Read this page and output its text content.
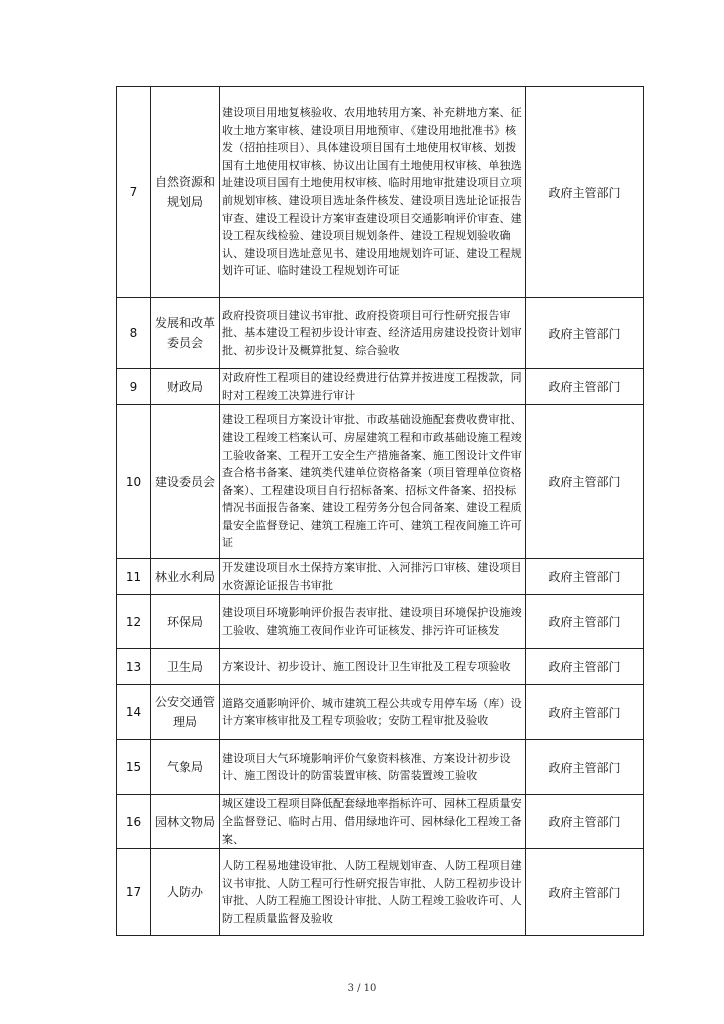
7	自然资源和规划局	建设项目用地复核验收、农用地转用方案、补充耕地方案、征收土地方案审核、建设项目用地预审、《建设用地批准书》核发（招拍挂项目）、具体建设项目国有土地使用权审核、划拨国有土地使用权审核、协议出让国有土地使用权审核、单独选址建设项目国有土地使用权审核、临时用地审批建设项目立项前规划审核、建设项目选址条件核发、建设项目选址论证报告审查、建设工程设计方案审查建设项目交通影响评价审查、建设工程灰线检验、建设项目规划条件、建设工程规划验收确认、建设项目选址意见书、建设用地规划许可证、建设工程规划许可证、临时建设工程规划许可证	政府主管部门
8	发展和改革委员会	政府投资项目建议书审批、政府投资项目可行性研究报告审批、基本建设工程初步设计审查、经济适用房建设投资计划审批、初步设计及概算批复、综合验收	政府主管部门
9	财政局	对政府性工程项目的建设经费进行估算并按进度工程拨款，同时对工程竣工决算进行审计	政府主管部门
10	建设委员会	建设工程项目方案设计审批、市政基础设施配套费收费审批、建设工程竣工档案认可、房屋建筑工程和市政基础设施工程竣工验收备案、工程开工安全生产措施备案、施工图设计文件审查合格书备案、建筑类代建单位资格备案（项目管理单位资格备案）、工程建设项目自行招标备案、招标文件备案、招投标情况书面报告备案、建设工程劳务分包合同备案、建设工程质量安全监督登记、建筑工程施工许可、建筑工程夜间施工许可证	政府主管部门
11	林业水利局	开发建设项目水土保持方案审批、入河排污口审核、建设项目水资源论证报告书审批	政府主管部门
12	环保局	建设项目环境影响评价报告表审批、建设项目环境保护设施竣工验收、建筑施工夜间作业许可证核发、排污许可证核发	政府主管部门
13	卫生局	方案设计、初步设计、施工图设计卫生审批及工程专项验收	政府主管部门
14	公安交通管理局	道路交通影响评价、城市建筑工程公共或专用停车场（库）设计方案审核审批及工程专项验收；安防工程审批及验收	政府主管部门
15	气象局	建设项目大气环境影响评价气象资料核准、方案设计初步设计、施工图设计的防雷装置审核、防雷装置竣工验收	政府主管部门
16	园林文物局	城区建设工程项目降低配套绿地率指标许可、园林工程质量安全监督登记、临时占用、借用绿地许可、园林绿化工程竣工备案、	政府主管部门
17	人防办	人防工程易地建设审批、人防工程规划审查、人防工程项目建议书审批、人防工程可行性研究报告审批、人防工程初步设计审批、人防工程施工图设计审批、人防工程竣工验收许可、人防工程质量监督及验收	政府主管部门
3 / 10
